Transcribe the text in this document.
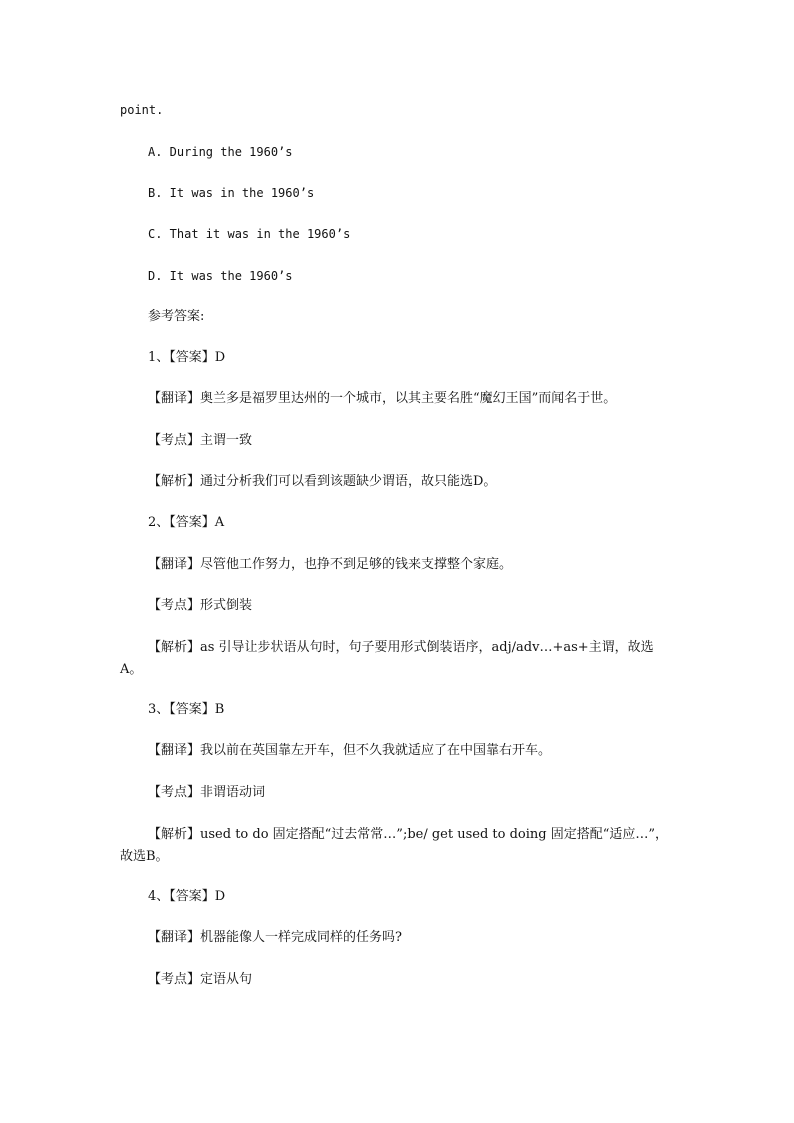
point.
A. During the 1960’s
B. It was in the 1960’s
C. That it was in the 1960’s
D. It was the 1960’s
参考答案:
1、【答案】D
【翻译】奥兰多是福罗里达州的一个城市，以其主要名胜“魔幻王国”而闻名于世。
【考点】主谓一致
【解析】通过分析我们可以看到该题缺少谓语，故只能选D。
2、【答案】A
【翻译】尽管他工作努力，也挣不到足够的钱来支撑整个家庭。
【考点】形式倒装
【解析】as 引导让步状语从句时，句子要用形式倒装语序，adj/adv…+as+主谓，故选A。
3、【答案】B
【翻译】我以前在英国靠左开车，但不久我就适应了在中国靠右开车。
【考点】非谓语动词
【解析】used to do 固定搭配“过去常常…”;be/ get used to doing 固定搭配“适应…”，故选B。
4、【答案】D
【翻译】机器能像人一样完成同样的任务吗?
【考点】定语从句
